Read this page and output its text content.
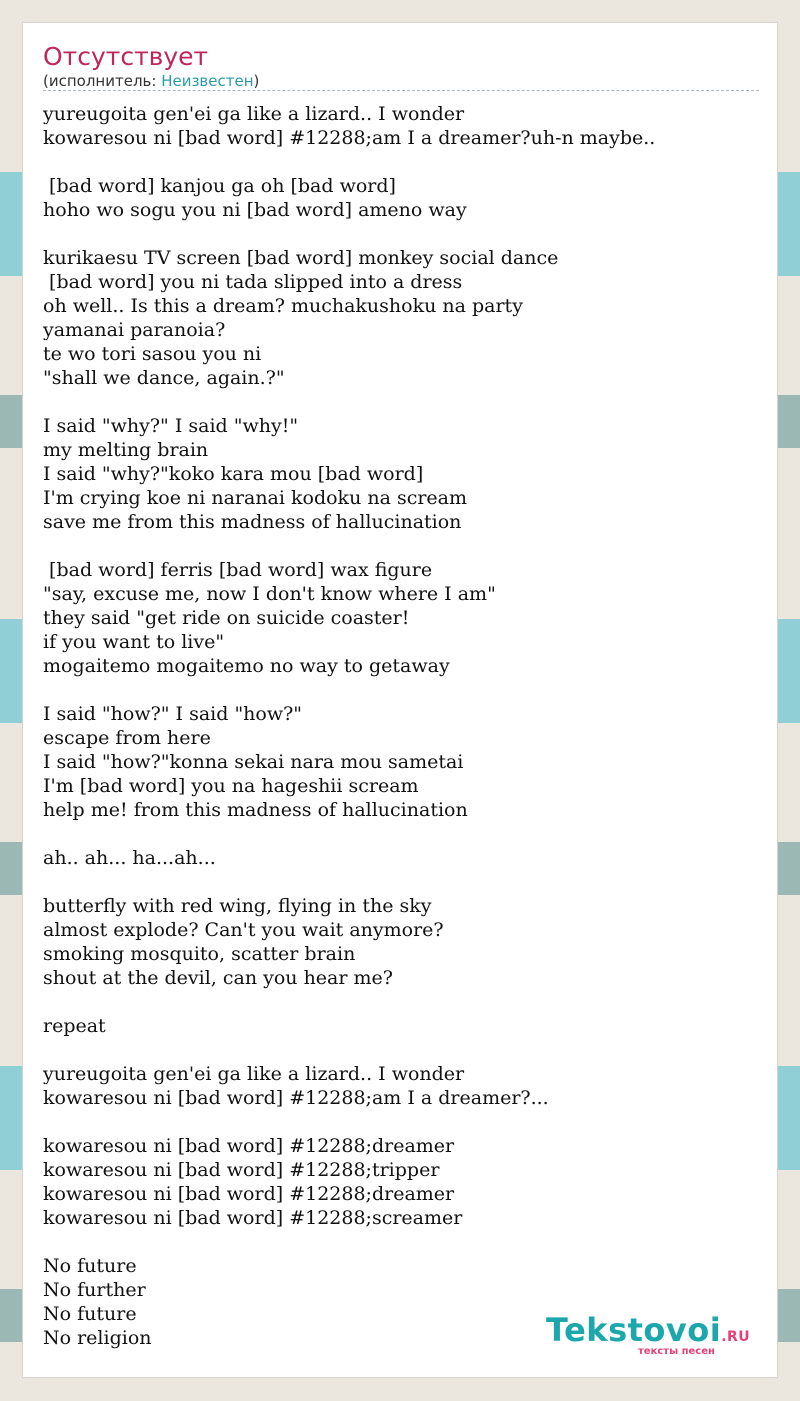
Отсутствует
(исполнитель: Неизвестен)
yureugoita gen'ei ga like a lizard.. I wonder
kowaresou ni [bad word] #12288;am I a dreamer?uh-n maybe..

[bad word] kanjou ga oh [bad word]
hoho wo sogu you ni [bad word] ameno way

kurikaesu TV screen [bad word] monkey social dance
[bad word] you ni tada slipped into a dress
oh well.. Is this a dream? muchakushoku na party
yamanai paranoia?
te wo tori sasou you ni
"shall we dance, again.?"

I said "why?" I said "why!"
my melting brain
I said "why?"koko kara mou [bad word]
I'm crying koe ni naranai kodoku na scream
save me from this madness of hallucination

[bad word] ferris [bad word] wax figure
"say, excuse me, now I don't know where I am"
they said "get ride on suicide coaster!
if you want to live"
mogaitemo mogaitemo no way to getaway

I said "how?" I said "how?"
escape from here
I said "how?"konna sekai nara mou sametai
I'm [bad word] you na hageshii scream
help me! from this madness of hallucination

ah.. ah... ha...ah...

butterfly with red wing, flying in the sky
almost explode? Can't you wait anymore?
smoking mosquito, scatter brain
shout at the devil, can you hear me?

repeat

yureugoita gen'ei ga like a lizard.. I wonder
kowaresou ni [bad word] #12288;am I a dreamer?...

kowaresou ni [bad word] #12288;dreamer
kowaresou ni [bad word] #12288;tripper
kowaresou ni [bad word] #12288;dreamer
kowaresou ni [bad word] #12288;screamer

No future
No further
No future
No religion	Tekstovoi.RU
тексты песен
